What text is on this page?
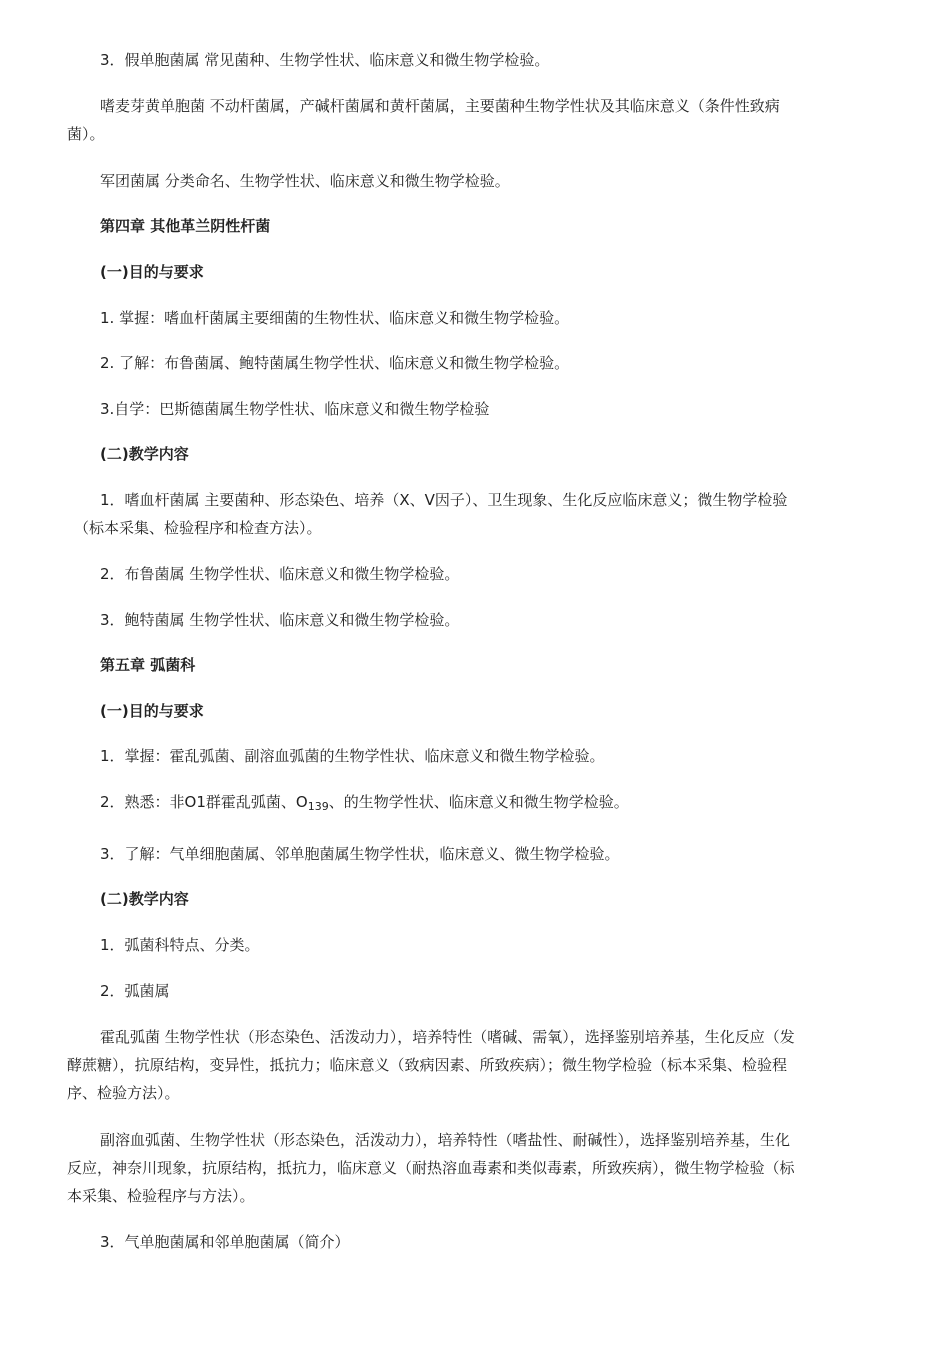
3．假单胞菌属 常见菌种、生物学性状、临床意义和微生物学检验。

嗜麦芽黄单胞菌 不动杆菌属，产碱杆菌属和黄杆菌属，主要菌种生物学性状及其临床意义（条件性致病

菌）。

军团菌属 分类命名、生物学性状、临床意义和微生物学检验。

第四章 其他革兰阴性杆菌

(一)目的与要求

1. 掌握：嗜血杆菌属主要细菌的生物性状、临床意义和微生物学检验。

2. 了解：布鲁菌属、鲍特菌属生物学性状、临床意义和微生物学检验。

3.自学：巴斯德菌属生物学性状、临床意义和微生物学检验

(二)教学内容

1．嗜血杆菌属 主要菌种、形态染色、培养（X、V因子）、卫生现象、生化反应临床意义；微生物学检验

（标本采集、检验程序和检查方法）。

2．布鲁菌属 生物学性状、临床意义和微生物学检验。

3．鲍特菌属 生物学性状、临床意义和微生物学检验。

第五章 弧菌科

(一)目的与要求

1．掌握：霍乱弧菌、副溶血弧菌的生物学性状、临床意义和微生物学检验。

2．熟悉：非O1群霍乱弧菌、$O_{139}$、的生物学性状、临床意义和微生物学检验。

3．了解：气单细胞菌属、邻单胞菌属生物学性状，临床意义、微生物学检验。

(二)教学内容

1．弧菌科特点、分类。

2．弧菌属

霍乱弧菌 生物学性状（形态染色、活泼动力），培养特性（嗜碱、需氧），选择鉴别培养基，生化反应（发

酵蔗糖），抗原结构，变异性，抵抗力；临床意义（致病因素、所致疾病）；微生物学检验（标本采集、检验程

序、检验方法）。

副溶血弧菌、生物学性状（形态染色，活泼动力），培养特性（嗜盐性、耐碱性），选择鉴别培养基，生化

反应，神奈川现象，抗原结构，抵抗力，临床意义（耐热溶血毒素和类似毒素，所致疾病），微生物学检验（标

本采集、检验程序与方法）。

3．气单胞菌属和邻单胞菌属（简介）
